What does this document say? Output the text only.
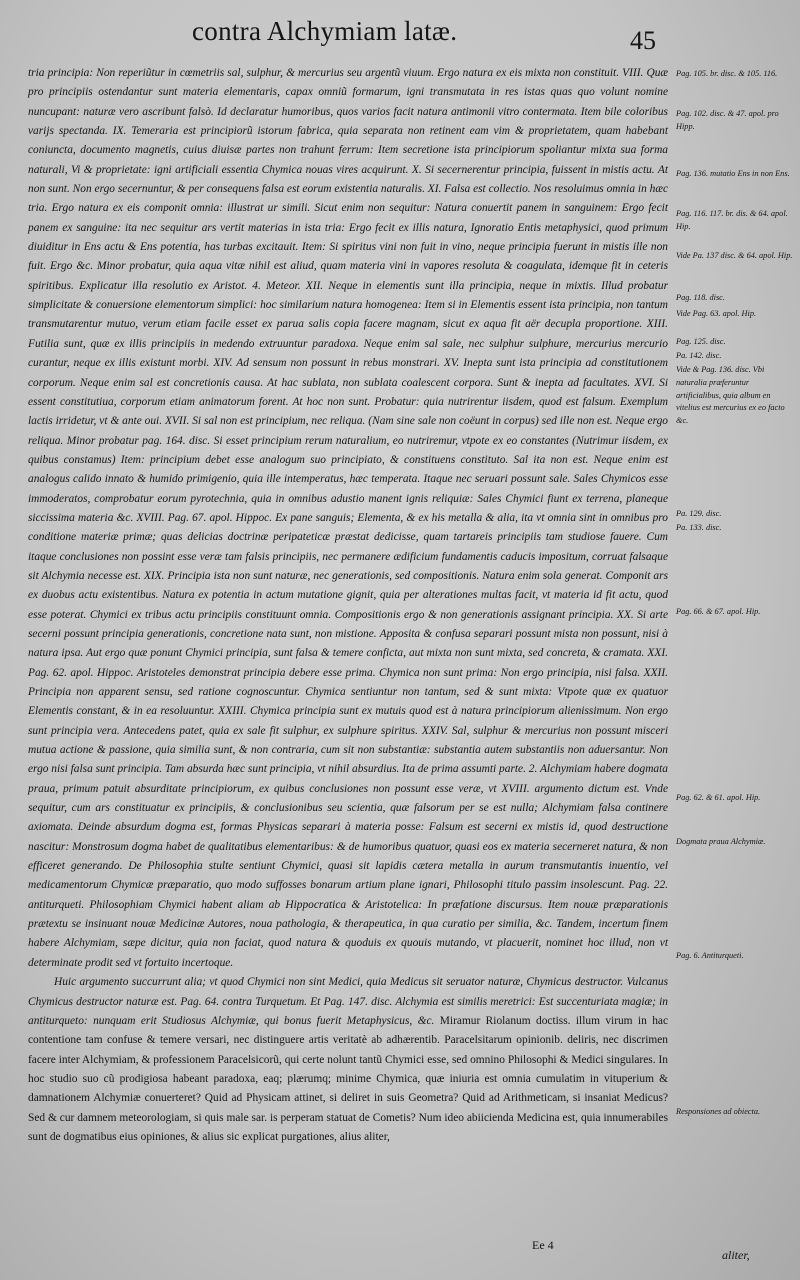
contra Alchymiam latæ.	45

tria principia: Non reperiũtur in cœmetriis sal, sulphur, & mercurius seu argentũ viuum. Ergo natura ex eis mixta non constituit. VIII. Quæ pro principiis ostendantur sunt materia elementaris, capax omniũ formarum, igni transmutata in res istas quas quo volunt nomine nuncupant: naturæ vero ascribunt falsò. Id declaratur humoribus, quos varios facit natura antimonii vitro contermata. Item bile coloribus varijs spectanda. IX. Temeraria est principiorũ istorum fabrica, quia separata non retinent eam vim & proprietatem, quam habebant coniuncta, documento magnetis, cuius diuisæ partes non trahunt ferrum: Item secretione ista principiorum spoliantur mixta sua forma naturali, Vi & proprietate: igni artificiali essentia Chymica nouas vires acquirunt. X. Si secernerentur principia, fuissent in mistis actu. At non sunt. Non ergo secernuntur, & per consequens falsa est eorum existentia naturalis. XI. Falsa est collectio. Nos resoluimus omnia in hæc tria. Ergo natura ex eis componit omnia: illustrat ur simili. Sicut enim non sequitur: Natura conuertit panem in sanguinem: Ergo fecit panem ex sanguine: ita nec sequitur ars vertit materias in ista tria: Ergo fecit ex illis natura, Ignoratio Entis metaphysici, quod primum diuiditur in Ens actu & Ens potentia, has turbas excitauit. Item: Si spiritus vini non fuit in vino, neque principia fuerunt in mistis ille non fuit. Ergo &c. Minor probatur, quia aqua vitæ nihil est aliud, quam materia vini in vapores resoluta & coagulata, idemque fit in ceteris spiritibus. Explicatur illa resolutio ex Aristot. 4. Meteor. XII. Neque in elementis sunt illa principia, neque in mixtis. Illud probatur simplicitate & conuersione elementorum simplici: hoc similarium natura homogenea: Item si in Elementis essent ista principia, non tantum transmutarentur mutuo, verum etiam facile esset ex parua salis copia facere magnam, sicut ex aqua fit aër decupla proportione. XIII. Futilia sunt, quæ ex illis principiis in medendo extruuntur paradoxa. Neque enim sal sale, nec sulphur sulphure, mercurius mercurio curantur, neque ex illis existunt morbi. XIV. Ad sensum non possunt in rebus monstrari. XV. Inepta sunt ista principia ad constitutionem corporum. Neque enim sal est concretionis causa. At hac sublata, non sublata coalescent corpora. Sunt & inepta ad facultates. XVI. Si essent constitutiua, corporum etiam animatorum forent. At hoc non sunt. Probatur: quia nutrirentur iisdem, quod est falsum. Exemplum lactis irridetur, vt & ante oui. XVII. Si sal non est principium, nec reliqua. (Nam sine sale non coëunt in corpus) sed ille non est. Neque ergo reliqua. Minor probatur pag. 164. disc. Si esset principium rerum naturalium, eo nutriremur, vtpote ex eo constantes (Nutrimur iisdem, ex quibus constamus) Item: principium debet esse analogum suo principiato, & constituens constituto. Sal ita non est. Neque enim est analogus calido innato & humido primigenio, quia ille intemperatus, hæc temperata. Itaque nec seruari possunt sale. Sales Chymicos esse immoderatos, comprobatur eorum pyrotechnia, quia in omnibus adustio manent ignis reliquiæ: Sales Chymici fiunt ex terrena, planeque siccissima materia &c. XVIII. Pag. 67. apol. Hippoc. Ex pane sanguis; Elementa, & ex his metalla & alia, ita vt omnia sint in omnibus pro conditione materiæ primæ; quas delicias doctrinæ peripateticæ præstat dedicisse, quam tartareis principiis tam studiose fauere. Cum itaque conclusiones non possint esse veræ tam falsis principiis, nec permanere ædificium fundamentis caducis impositum, corruat falsaque sit Alchymia necesse est. XIX. Principia ista non sunt naturæ, nec generationis, sed compositionis. Natura enim sola generat. Componit ars ex duobus actu existentibus. Natura ex potentia in actum mutatione gignit, quia per alterationes multas facit, vt materia id fit actu, quod esse poterat. Chymici ex tribus actu principiis constituunt omnia. Compositionis ergo & non generationis assignant principia. XX. Si arte secerni possunt principia generationis, concretione nata sunt, non mistione. Apposita & confusa separari possunt mista non possunt, nisi à natura ipsa. Aut ergo quæ ponunt Chymici principia, sunt falsa & temere conficta, aut mixta non sunt mixta, sed concreta, & cramata. XXI. Pag. 62. apol. Hippoc. Aristoteles demonstrat principia debere esse prima. Chymica non sunt prima: Non ergo principia, nisi falsa. XXII. Principia non apparent sensu, sed ratione cognoscuntur. Chymica sentiuntur non tantum, sed & sunt mixta: Vtpote quæ ex quatuor Elementis constant, & in ea resoluuntur. XXIII. Chymica principia sunt ex mutuis quod est à natura principiorum alienissimum. Non ergo sunt principia vera. Antecedens patet, quia ex sale fit sulphur, ex sulphure spiritus. XXIV. Sal, sulphur & mercurius non possunt misceri mutua actione & passione, quia similia sunt, & non contraria, cum sit non substantiæ: substantia autem substantiis non aduersantur. Non ergo nisi falsa sunt principia. Tam absurda hæc sunt principia, vt nihil absurdius. Ita de prima assumti parte. 2. Alchymiam habere dogmata praua, primum patuit absurditate principiorum, ex quibus conclusiones non possunt esse veræ, vt XVIII. argumento dictum est. Vnde sequitur, cum ars constituatur ex principiis, & conclusionibus seu scientia, quæ falsorum per se est nulla; Alchymiam falsa continere axiomata. Deinde absurdum dogma est, formas Physicas separari à materia posse: Falsum est secerni ex mistis id, quod destructione nascitur: Monstrosum dogma habet de qualitatibus elementaribus: & de humoribus quatuor, quasi eos ex materia secerneret natura, & non efficeret generando. De Philosophia stulte sentiunt Chymici, quasi sit lapidis cætera metalla in aurum transmutantis inuentio, vel medicamentorum Chymicæ præparatio, quo modo suffosses bonarum artium plane ignari, Philosophi titulo passim insolescunt. Pag. 22. antiturqueti. Philosophiam Chymici habent aliam ab Hippocratica & Aristotelica: In præfatione discursus. Item nouæ præparationis prætextu se insinuant nouæ Medicinæ Autores, noua pathologia, & therapeutica, in qua curatio per similia, &c. Tandem, incertum finem habere Alchymiam, sæpe dicitur, quia non faciat, quod natura & quoduis ex quouis mutando, vt placuerit, nominet hoc illud, non vt determinate prodit sed vt fortuito incertoque.

Huic argumento succurrunt alia; vt quod Chymici non sint Medici, quia Medicus sit seruator naturæ, Chymicus destructor. Vulcanus Chymicus destructor naturæ est. Pag. 64. contra Turquetum. Et Pag. 147. disc. Alchymia est similis meretrici: Est succenturiata magiæ; in antiturqueto: nunquam erit Studiosus Alchymiæ, qui bonus fuerit Metaphysicus, &c. Miramur Riolanum doctiss. illum virum in hac contentione tam confuse & temere versari, nec distinguere artis veritatè ab adhærentib. Paracelsitarum opinionib. deliris, nec discrimen facere inter Alchymiam, & professionem Paracelsicorũ, qui certe nolunt tantũ Chymici esse, sed omnino Philosophi & Medici singulares. In hoc studio suo cũ prodigiosa habeant paradoxa, eaq; plærumq; minime Chymica, quæ iniuria est omnia cumulatim in vituperium & damnationem Alchymiæ conuerteret? Quid ad Physicam attinet, si deliret in suis Geometra? Quid ad Arithmeticam, si insaniat Medicus? Sed & cur damnem meteorologiam, si quis male sar. is perperam statuat de Cometis? Num ideo abiicienda Medicina est, quia innumerabiles sunt de dogmatibus eius opiniones, & alius sic explicat purgationes, alius aliter,

Pag. 105. br. disc. & 105. 116.
Pag. 102. disc. & 47. apol. pro Hipp.
Pag. 136. mutatio Ens in non Ens.
Pag. 116. 117. br. dis. & 64. apol. Hip.
Vide Pa. 137 disc. & 64. apol. Hip.
Pag. 118. disc.
Vide Pag. 63. apol. Hip.
Pag. 125. disc.
Pa. 142. disc.
Vide & Pag. 136. disc. Vbi naturalia præferuntur artificialibus, quia album en vitelius est mercurius ex eo facto &c.
Pa. 129. disc.
Pa. 133. disc.
Pag. 66. & 67. apol. Hip.
Pag. 62. & 61. apol. Hip.
Dogmata praua Alchymiæ.
Pag. 6. Antiturqueti.
Responsiones ad obiecta.
Ee 4
aliter,
